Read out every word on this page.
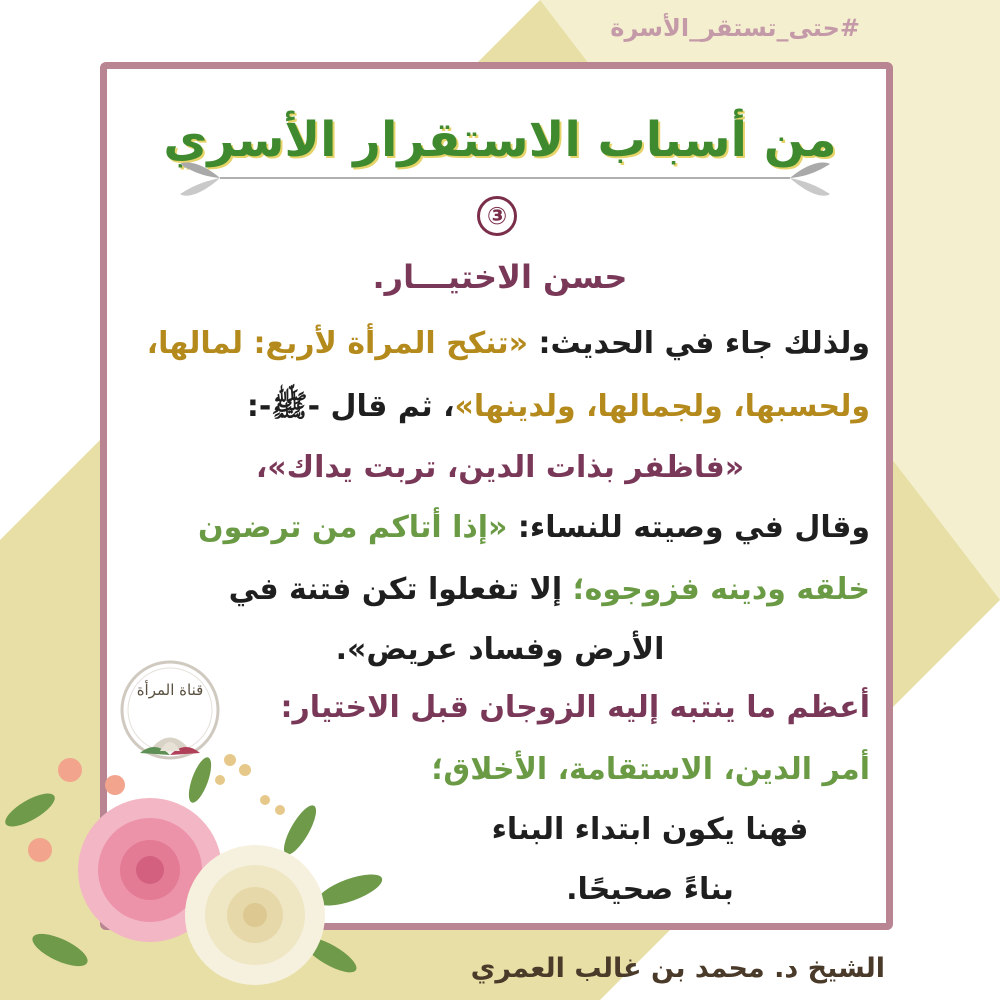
#حتى_تستقر_الأسرة
من أسباب الاستقرار الأسري
③
حسن الاختيـــار.
ولذلك جاء في الحديث: «تنكح المرأة لأربع: لمالها،
ولحسبها، ولجمالها، ولدينها»، ثم قال -ﷺ-:
«فاظفر بذات الدين، تربت يداك»،
وقال في وصيته للنساء: «إذا أتاكم من ترضون
خلقه ودينه فزوجوه؛ إلا تفعلوا تكن فتنة في
الأرض وفساد عريض».
أعظم ما ينتبه إليه الزوجان قبل الاختيار:
أمر الدين، الاستقامة، الأخلاق؛
فهنا يكون ابتداء البناء
بناءً صحيحًا.
قناة المرأة
الشيخ د. محمد بن غالب العمري
